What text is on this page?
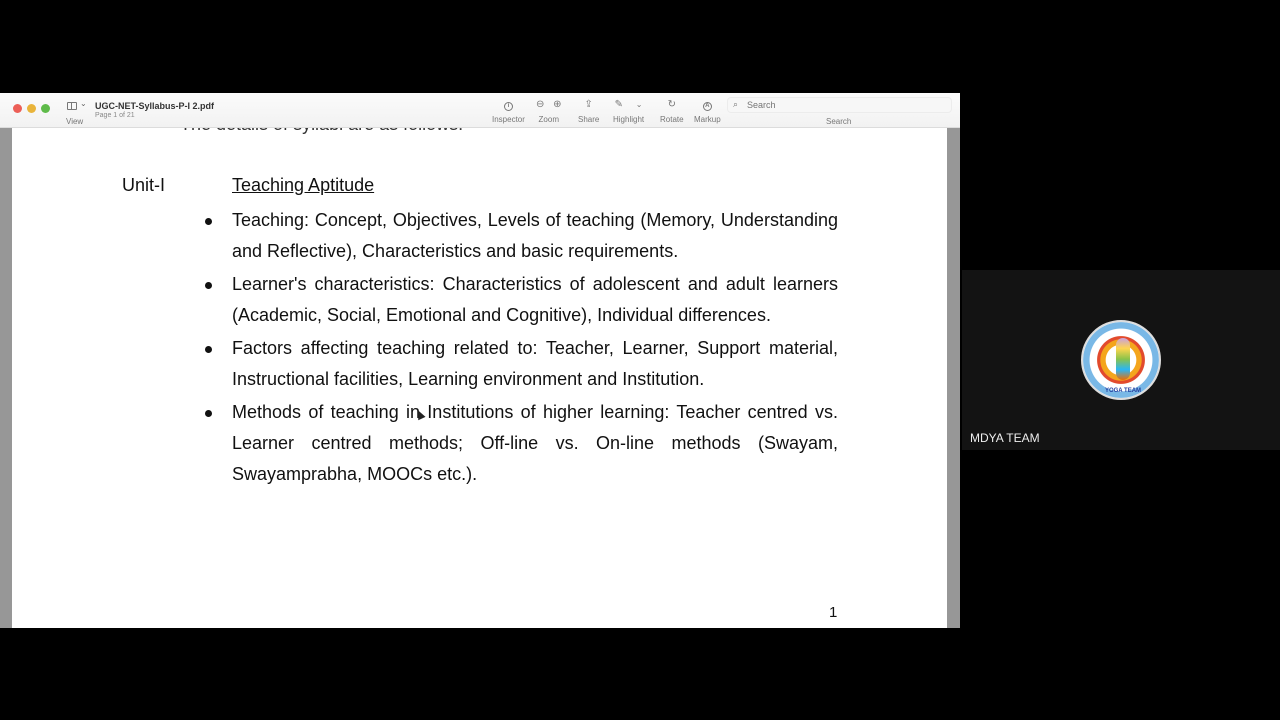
⌄
View
UGC-NET-Syllabus-P-I 2.pdf
Page 1 of 21
i
Inspector
⊖ ⊕
Zoom
⇪
Share
✎ ⌄
Highlight
↻
Rotate
A
Markup
⌕
Search
Search
Unit-I	Teaching Aptitude
Teaching: Concept, Objectives, Levels of teaching (Memory, Understanding and Reflective), Characteristics and basic requirements.
Learner's characteristics: Characteristics of adolescent and adult learners (Academic, Social, Emotional and Cognitive), Individual differences.
Factors affecting teaching related to: Teacher, Learner, Support material, Instructional facilities, Learning environment and Institution.
Methods of teaching in Institutions of higher learning: Teacher centred vs. Learner centred methods; Off-line vs. On-line methods (Swayam, Swayamprabha, MOOCs etc.).
1
YOGA TEAM
MDYA TEAM
